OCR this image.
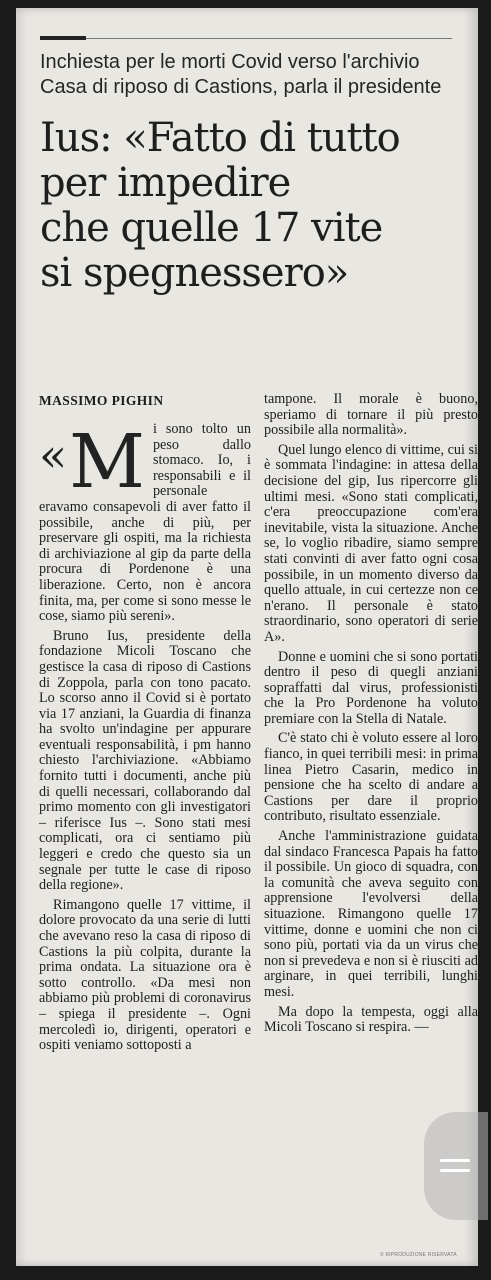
Inchiesta per le morti Covid verso l'archivio
Casa di riposo di Castions, parla il presidente
Ius: «Fatto di tutto
per impedire
che quelle 17 vite
si spegnessero»
MASSIMO PIGHIN

«M i sono tolto un peso dallo stomaco. Io, i responsabili e il personale eravamo consapevoli di aver fatto il possibile, anche di più, per preservare gli ospiti, ma la richiesta di archiviazione al gip da parte della procura di Pordenone è una liberazione. Certo, non è ancora finita, ma, per come si sono messe le cose, siamo più sereni».

Bruno Ius, presidente della fondazione Micoli Toscano che gestisce la casa di riposo di Castions di Zoppola, parla con tono pacato. Lo scorso anno il Covid si è portato via 17 anziani, la Guardia di finanza ha svolto un'indagine per appurare eventuali responsabilità, i pm hanno chiesto l'archiviazione. «Abbiamo fornito tutti i documenti, anche più di quelli necessari, collaborando dal primo momento con gli investigatori – riferisce Ius –. Sono stati mesi complicati, ora ci sentiamo più leggeri e credo che questo sia un segnale per tutte le case di riposo della regione».

Rimangono quelle 17 vittime, il dolore provocato da una serie di lutti che avevano reso la casa di riposo di Castions la più colpita, durante la prima ondata. La situazione ora è sotto controllo. «Da mesi non abbiamo più problemi di coronavirus – spiega il presidente –. Ogni mercoledì io, dirigenti, operatori e ospiti veniamo sottoposti a

tampone. Il morale è buono, speriamo di tornare il più presto possibile alla normalità».

Quel lungo elenco di vittime, cui si è sommata l'indagine: in attesa della decisione del gip, Ius ripercorre gli ultimi mesi. «Sono stati complicati, c'era preoccupazione com'era inevitabile, vista la situazione. Anche se, lo voglio ribadire, siamo sempre stati convinti di aver fatto ogni cosa possibile, in un momento diverso da quello attuale, in cui certezze non ce n'erano. Il personale è stato straordinario, sono operatori di serie A».

Donne e uomini che si sono portati dentro il peso di quegli anziani sopraffatti dal virus, professionisti che la Pro Pordenone ha voluto premiare con la Stella di Natale.

C'è stato chi è voluto essere al loro fianco, in quei terribili mesi: in prima linea Pietro Casarin, medico in pensione che ha scelto di andare a Castions per dare il proprio contributo, risultato essenziale.

Anche l'amministrazione guidata dal sindaco Francesca Papais ha fatto il possibile. Un gioco di squadra, con la comunità che aveva seguito con apprensione l'evolversi della situazione. Rimangono quelle 17 vittime, donne e uomini che non ci sono più, portati via da un virus che non si prevedeva e non si è riusciti ad arginare, in quei terribili, lunghi mesi.

Ma dopo la tempesta, oggi alla Micoli Toscano si respira. —

© RIPRODUZIONE RISERVATA
